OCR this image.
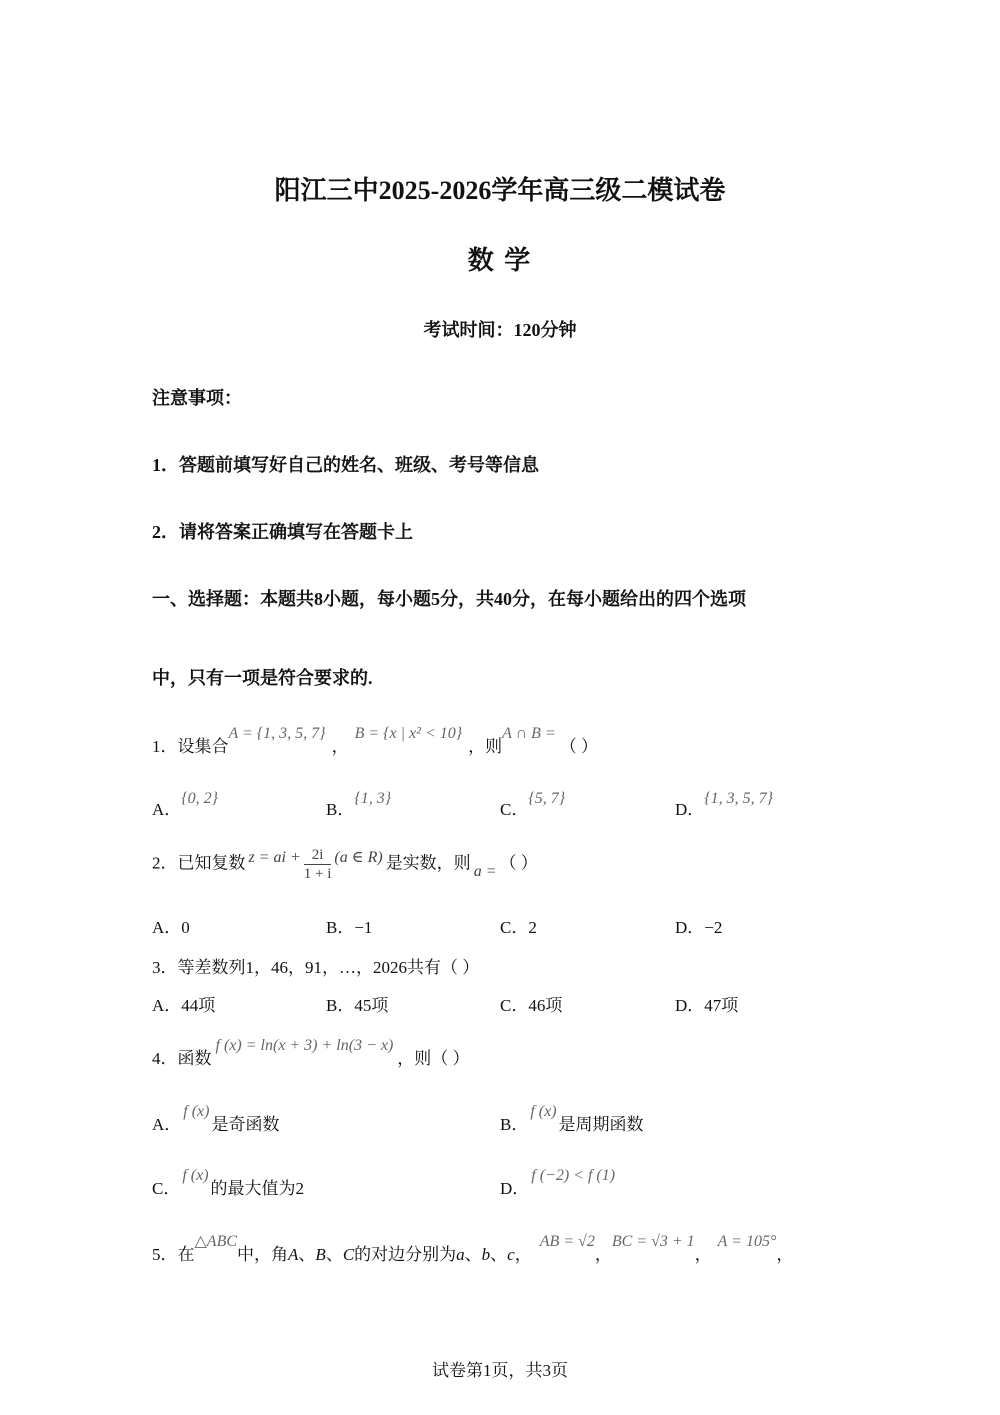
阳江三中2025-2026学年高三级二模试卷
数 学
考试时间：120分钟
注意事项：
1．答题前填写好自己的姓名、班级、考号等信息
2．请将答案正确填写在答题卡上
一、选择题：本题共8小题，每小题5分，共40分，在每小题给出的四个选项
中，只有一项是符合要求的.
1．设集合A = {1, 3, 5, 7}，B = {x | x² < 10}，则A ∩ B =（ ）
A．{0, 2}
B．{1, 3}
C．{5, 7}
D．{1, 3, 5, 7}
2．已知复数 z = ai + $\frac{2i}{1 + i} (a$ ∈ R) 是实数，则 a = （ ）
A．0	B．−1	C．2	D．−2
3．等差数列1，46，91，…，2026共有（ ）
A．44项	B．45项	C．46项	D．47项
4．函数f (x) = ln(x + 3) + ln(3 − x)，则（ ）
A．f (x)是奇函数	B．f (x)是周期函数
C．f (x)的最大值为2	D．f (−2) < f (1)
5．在△ABC中，角A、B、C的对边分别为a、b、c，AB = √2，BC = √3 + 1，A = 105°，
试卷第1页，共3页
